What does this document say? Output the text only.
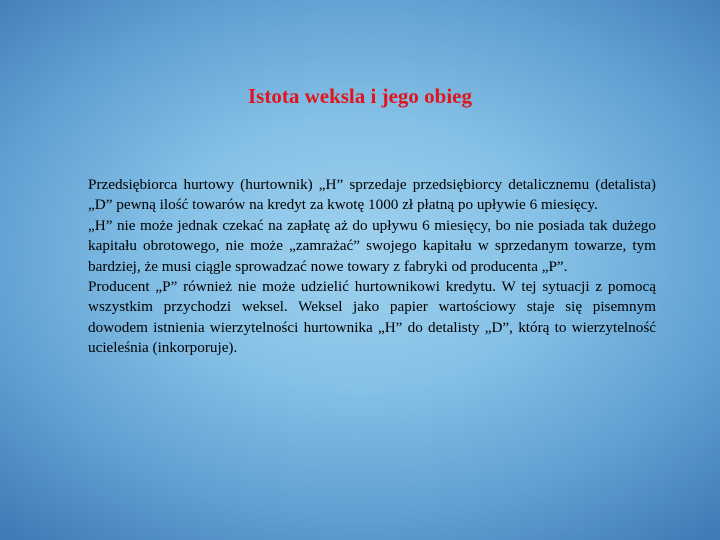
Istota weksla i jego obieg

Przedsiębiorca hurtowy (hurtownik) „H” sprzedaje przedsiębiorcy detalicznemu (detalista) „D” pewną ilość towarów na kredyt za kwotę 1000 zł płatną po upływie 6 miesięcy.

„H” nie może jednak czekać na zapłatę aż do upływu 6 miesięcy, bo nie posiada tak dużego kapitału obrotowego, nie może „zamrażać” swojego kapitału w sprzedanym towarze, tym bardziej, że musi ciągle sprowadzać nowe towary z fabryki od producenta „P”.

Producent „P” również nie może udzielić hurtownikowi kredytu. W tej sytuacji z pomocą wszystkim przychodzi weksel. Weksel jako papier wartościowy staje się pisemnym dowodem istnienia wierzytelności hurtownika „H” do detalisty „D”, którą to wierzytelność ucieleśnia (inkorporuje).
